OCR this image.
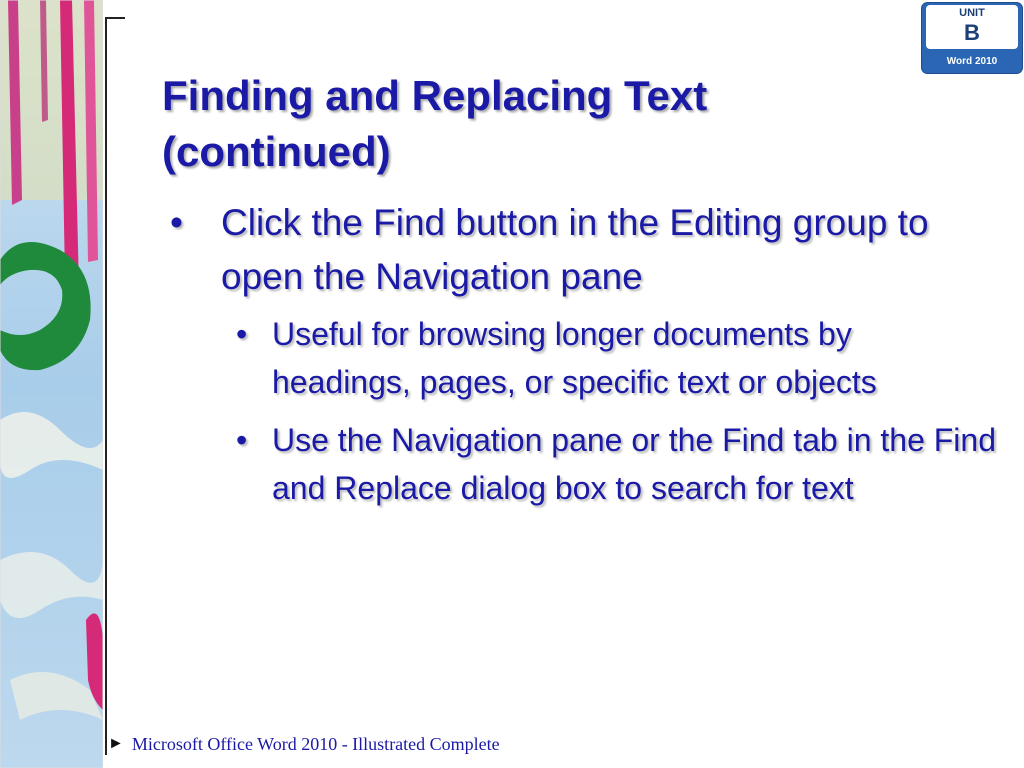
UNIT
B
Word 2010
Finding and Replacing Text (continued)
• Click the Find button in the Editing group to open the Navigation pane
• Useful for browsing longer documents by headings, pages, or specific text or objects
• Use the Navigation pane or the Find tab in the Find and Replace dialog box to search for text
► Microsoft Office Word 2010 - Illustrated Complete
